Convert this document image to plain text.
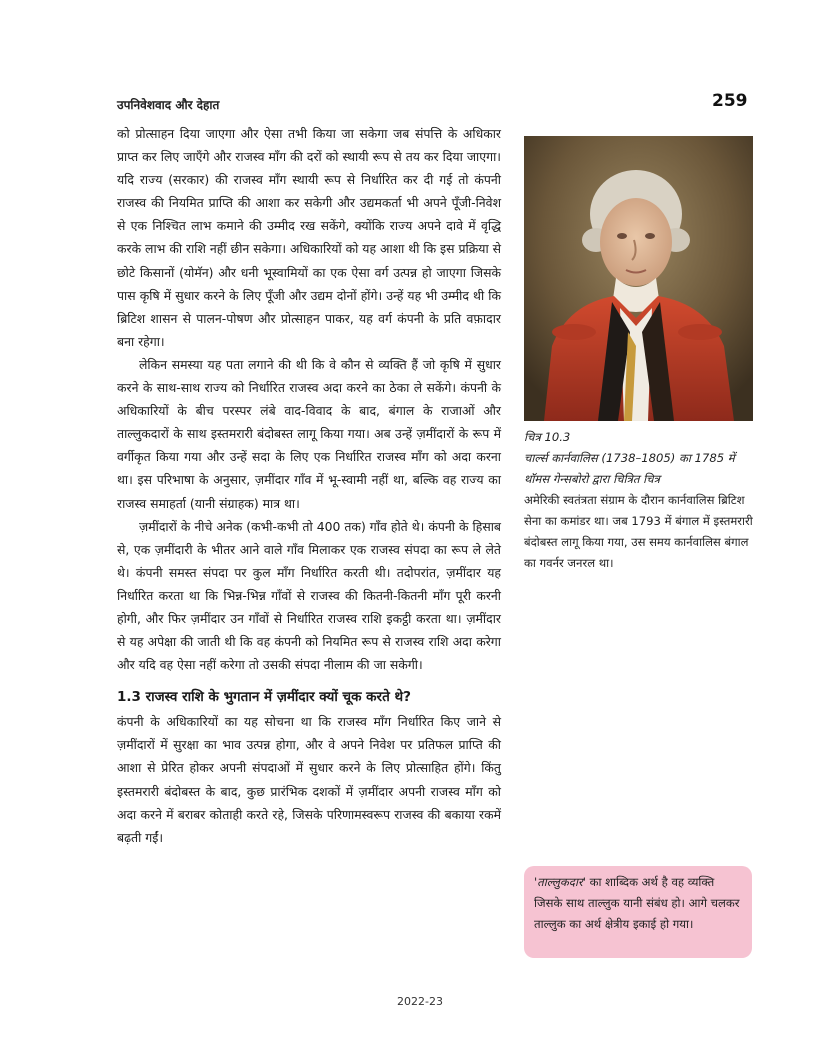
उपनिवेशवाद और देहात	259

को प्रोत्साहन दिया जाएगा और ऐसा तभी किया जा सकेगा जब संपत्ति के अधिकार प्राप्त कर लिए जाएँगे और राजस्व माँग की दरों को स्थायी रूप से तय कर दिया जाएगा। यदि राज्य (सरकार) की राजस्व माँग स्थायी रूप से निर्धारित कर दी गई तो कंपनी राजस्व की नियमित प्राप्ति की आशा कर सकेगी और उद्यमकर्ता भी अपने पूँजी-निवेश से एक निश्चित लाभ कमाने की उम्मीद रख सकेंगे, क्योंकि राज्य अपने दावे में वृद्धि करके लाभ की राशि नहीं छीन सकेगा। अधिकारियों को यह आशा थी कि इस प्रक्रिया से छोटे किसानों (योमॅन) और धनी भूस्वामियों का एक ऐसा वर्ग उत्पन्न हो जाएगा जिसके पास कृषि में सुधार करने के लिए पूँजी और उद्यम दोनों होंगे। उन्हें यह भी उम्मीद थी कि ब्रिटिश शासन से पालन-पोषण और प्रोत्साहन पाकर, यह वर्ग कंपनी के प्रति वफ़ादार बना रहेगा।

लेकिन समस्या यह पता लगाने की थी कि वे कौन से व्यक्ति हैं जो कृषि में सुधार करने के साथ-साथ राज्य को निर्धारित राजस्व अदा करने का ठेका ले सकेंगे। कंपनी के अधिकारियों के बीच परस्पर लंबे वाद-विवाद के बाद, बंगाल के राजाओं और ताल्लुकदारों के साथ इस्तमरारी बंदोबस्त लागू किया गया। अब उन्हें ज़मींदारों के रूप में वर्गीकृत किया गया और उन्हें सदा के लिए एक निर्धारित राजस्व माँग को अदा करना था। इस परिभाषा के अनुसार, ज़मींदार गाँव में भू-स्वामी नहीं था, बल्कि वह राज्य का राजस्व समाहर्ता (यानी संग्राहक) मात्र था।

ज़मींदारों के नीचे अनेक (कभी-कभी तो 400 तक) गाँव होते थे। कंपनी के हिसाब से, एक ज़मींदारी के भीतर आने वाले गाँव मिलाकर एक राजस्व संपदा का रूप ले लेते थे। कंपनी समस्त संपदा पर कुल माँग निर्धारित करती थी। तदोपरांत, ज़मींदार यह निर्धारित करता था कि भिन्न-भिन्न गाँवों से राजस्व की कितनी-कितनी माँग पूरी करनी होगी, और फिर ज़मींदार उन गाँवों से निर्धारित राजस्व राशि इकट्ठी करता था। ज़मींदार से यह अपेक्षा की जाती थी कि वह कंपनी को नियमित रूप से राजस्व राशि अदा करेगा और यदि वह ऐसा नहीं करेगा तो उसकी संपदा नीलाम की जा सकेगी।

1.3 राजस्व राशि के भुगतान में ज़मींदार क्यों चूक करते थे?

कंपनी के अधिकारियों का यह सोचना था कि राजस्व माँग निर्धारित किए जाने से ज़मींदारों में सुरक्षा का भाव उत्पन्न होगा, और वे अपने निवेश पर प्रतिफल प्राप्ति की आशा से प्रेरित होकर अपनी संपदाओं में सुधार करने के लिए प्रोत्साहित होंगे। किंतु इस्तमरारी बंदोबस्त के बाद, कुछ प्रारंभिक दशकों में ज़मींदार अपनी राजस्व माँग को अदा करने में बराबर कोताही करते रहे, जिसके परिणामस्वरूप राजस्व की बकाया रकमें बढ़ती गईं।

चित्र 10.3

चार्ल्स कार्नवालिस (1738–1805) का 1785 में थॉमस गेन्सबोरो द्वारा चित्रित चित्र

अमेरिकी स्वतंत्रता संग्राम के दौरान कार्नवालिस ब्रिटिश सेना का कमांडर था। जब 1793 में बंगाल में इस्तमरारी बंदोबस्त लागू किया गया, उस समय कार्नवालिस बंगाल का गवर्नर जनरल था।

'ताल्लुकदार' का शाब्दिक अर्थ है वह व्यक्ति जिसके साथ ताल्लुक यानी संबंध हो। आगे चलकर ताल्लुक का अर्थ क्षेत्रीय इकाई हो गया।
2022-23
